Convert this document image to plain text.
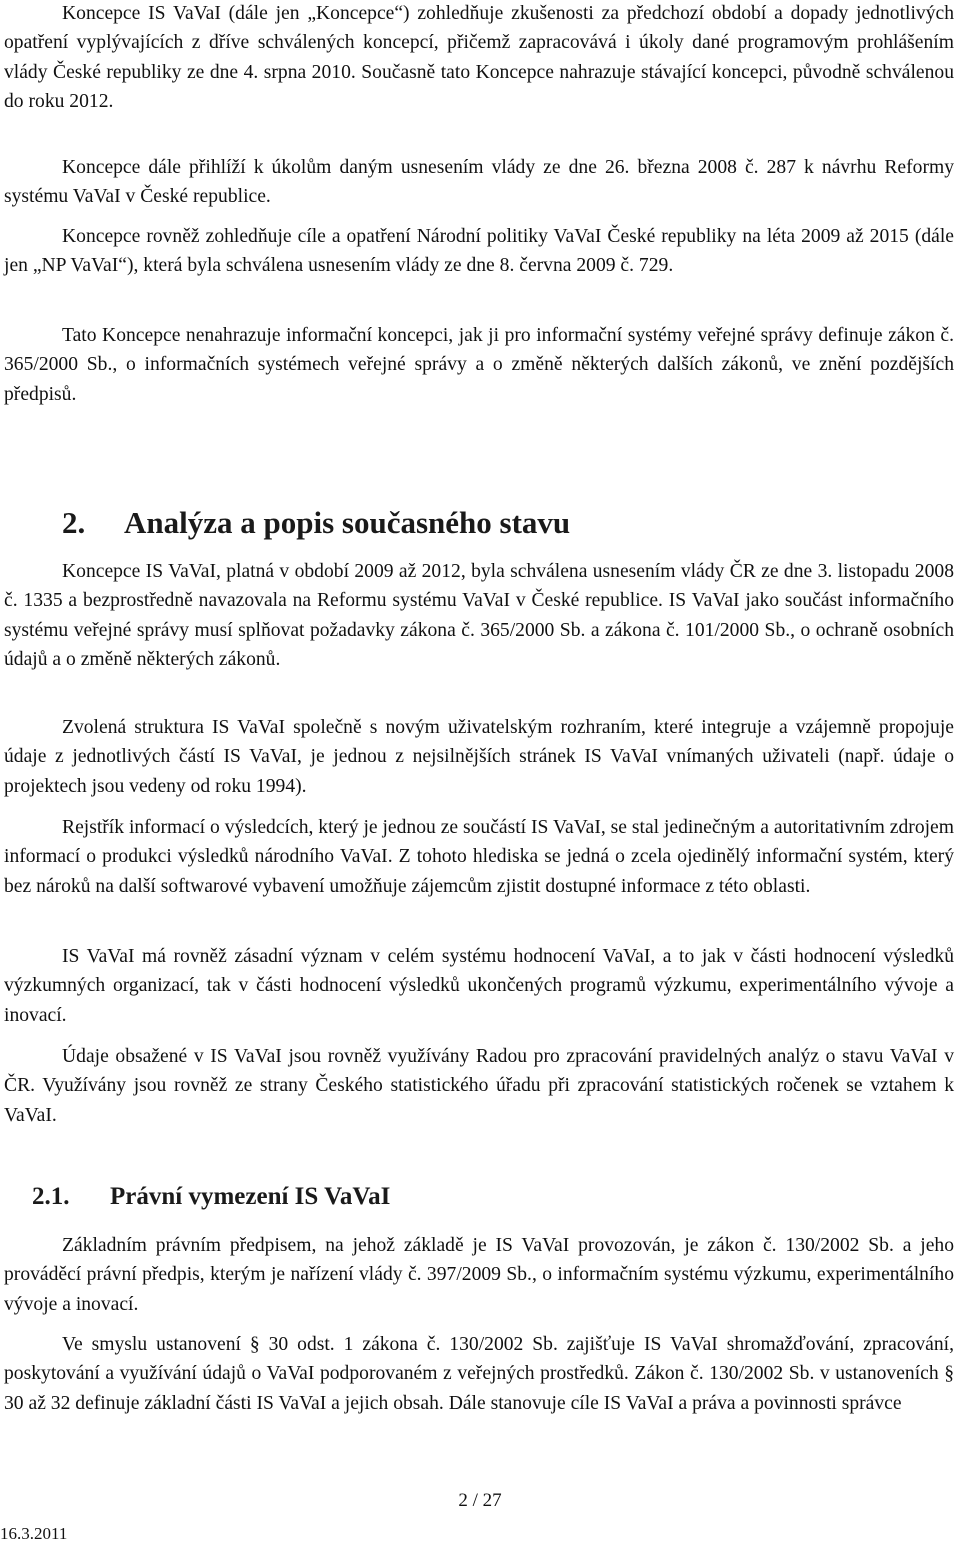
Koncepce IS VaVaI (dále jen „Koncepce“) zohledňuje zkušenosti za předchozí období a dopady jednotlivých opatření vyplývajících z dříve schválených koncepcí, přičemž zapracovává i úkoly dané programovým prohlášením vlády České republiky ze dne 4. srpna 2010. Současně tato Koncepce nahrazuje stávající koncepci, původně schválenou do roku 2012.

Koncepce dále přihlíží k úkolům daným usnesením vlády ze dne 26. března 2008 č. 287 k návrhu Reformy systému VaVaI v České republice.

Koncepce rovněž zohledňuje cíle a opatření Národní politiky VaVaI České republiky na léta 2009 až 2015 (dále jen „NP VaVaI“), která byla schválena usnesením vlády ze dne 8. června 2009 č. 729.

Tato Koncepce nenahrazuje informační koncepci, jak ji pro informační systémy veřejné správy definuje zákon č. 365/2000 Sb., o informačních systémech veřejné správy a o změně některých dalších zákonů, ve znění pozdějších předpisů.

2. Analýza a popis současného stavu

Koncepce IS VaVaI, platná v období 2009 až 2012, byla schválena usnesením vlády ČR ze dne 3. listopadu 2008 č. 1335 a bezprostředně navazovala na Reformu systému VaVaI v České republice. IS VaVaI jako součást informačního systému veřejné správy musí splňovat požadavky zákona č. 365/2000 Sb. a zákona č. 101/2000 Sb., o ochraně osobních údajů a o změně některých zákonů.

Zvolená struktura IS VaVaI společně s novým uživatelským rozhraním, které integruje a vzájemně propojuje údaje z jednotlivých částí IS VaVaI, je jednou z nejsilnějších stránek IS VaVaI vnímaných uživateli (např. údaje o projektech jsou vedeny od roku 1994).

Rejstřík informací o výsledcích, který je jednou ze součástí IS VaVaI, se stal jedinečným a autoritativním zdrojem informací o produkci výsledků národního VaVaI. Z tohoto hlediska se jedná o zcela ojedinělý informační systém, který bez nároků na další softwarové vybavení umožňuje zájemcům zjistit dostupné informace z této oblasti.

IS VaVaI má rovněž zásadní význam v celém systému hodnocení VaVaI, a to jak v části hodnocení výsledků výzkumných organizací, tak v části hodnocení výsledků ukončených programů výzkumu, experimentálního vývoje a inovací.

Údaje obsažené v IS VaVaI jsou rovněž využívány Radou pro zpracování pravidelných analýz o stavu VaVaI v ČR. Využívány jsou rovněž ze strany Českého statistického úřadu při zpracování statistických ročenek se vztahem k VaVaI.

2.1. Právní vymezení IS VaVaI

Základním právním předpisem, na jehož základě je IS VaVaI provozován, je zákon č. 130/2002 Sb. a jeho prováděcí právní předpis, kterým je nařízení vlády č. 397/2009 Sb., o informačním systému výzkumu, experimentálního vývoje a inovací.

Ve smyslu ustanovení § 30 odst. 1 zákona č. 130/2002 Sb. zajišťuje IS VaVaI shromažďování, zpracování, poskytování a využívání údajů o VaVaI podporovaném z veřejných prostředků. Zákon č. 130/2002 Sb. v ustanoveních § 30 až 32 definuje základní části IS VaVaI a jejich obsah. Dále stanovuje cíle IS VaVaI a práva a povinnosti správce

2 / 27
16.3.2011
